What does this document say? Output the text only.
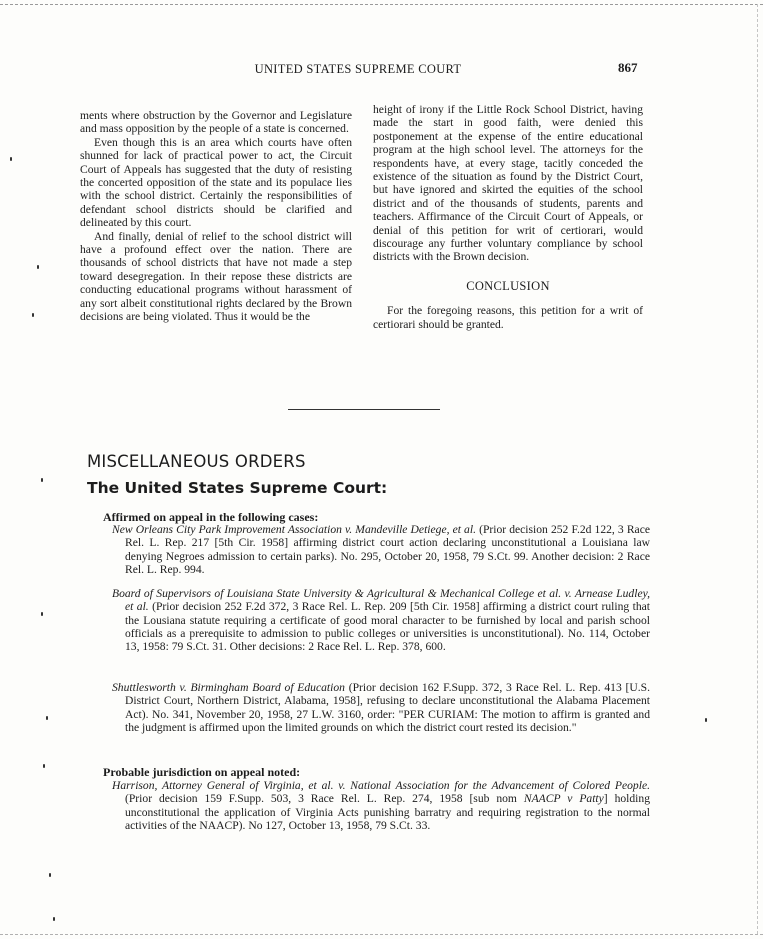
UNITED STATES SUPREME COURT	867

ments where obstruction by the Governor and Legislature and mass opposition by the people of a state is concerned.

Even though this is an area which courts have often shunned for lack of practical power to act, the Circuit Court of Appeals has suggested that the duty of resisting the concerted opposition of the state and its populace lies with the school district. Certainly the responsibilities of defendant school districts should be clarified and delineated by this court.

And finally, denial of relief to the school district will have a profound effect over the nation. There are thousands of school districts that have not made a step toward desegregation. In their repose these districts are conducting educational programs without harassment of any sort albeit constitutional rights declared by the Brown decisions are being violated. Thus it would be the

height of irony if the Little Rock School District, having made the start in good faith, were denied this postponement at the expense of the entire educational program at the high school level. The attorneys for the respondents have, at every stage, tacitly conceded the existence of the situation as found by the District Court, but have ignored and skirted the equities of the school district and of the thousands of students, parents and teachers. Affirmance of the Circuit Court of Appeals, or denial of this petition for writ of certiorari, would discourage any further voluntary compliance by school districts with the Brown decision.

CONCLUSION

For the foregoing reasons, this petition for a writ of certiorari should be granted.

MISCELLANEOUS ORDERS
The United States Supreme Court:
Affirmed on appeal in the following cases:

New Orleans City Park Improvement Association v. Mandeville Detiege, et al. (Prior decision 252 F.2d 122, 3 Race Rel. L. Rep. 217 [5th Cir. 1958] affirming district court action declaring unconstitutional a Louisiana law denying Negroes admission to certain parks). No. 295, October 20, 1958, 79 S.Ct. 99. Another decision: 2 Race Rel. L. Rep. 994.

Board of Supervisors of Louisiana State University & Agricultural & Mechanical College et al. v. Arnease Ludley, et al. (Prior decision 252 F.2d 372, 3 Race Rel. L. Rep. 209 [5th Cir. 1958] affirming a district court ruling that the Lousiana statute requiring a certificate of good moral character to be furnished by local and parish school officials as a prerequisite to admission to public colleges or universities is unconstitutional). No. 114, October 13, 1958: 79 S.Ct. 31. Other decisions: 2 Race Rel. L. Rep. 378, 600.

Shuttlesworth v. Birmingham Board of Education (Prior decision 162 F.Supp. 372, 3 Race Rel. L. Rep. 413 [U.S. District Court, Northern District, Alabama, 1958], refusing to declare unconstitutional the Alabama Placement Act). No. 341, November 20, 1958, 27 L.W. 3160, order: "PER CURIAM: The motion to affirm is granted and the judgment is affirmed upon the limited grounds on which the district court rested its decision."

Probable jurisdiction on appeal noted:

Harrison, Attorney General of Virginia, et al. v. National Association for the Advancement of Colored People. (Prior decision 159 F.Supp. 503, 3 Race Rel. L. Rep. 274, 1958 [sub nom NAACP v Patty] holding unconstitutional the application of Virginia Acts punishing barratry and requiring registration to the normal activities of the NAACP). No 127, October 13, 1958, 79 S.Ct. 33.
